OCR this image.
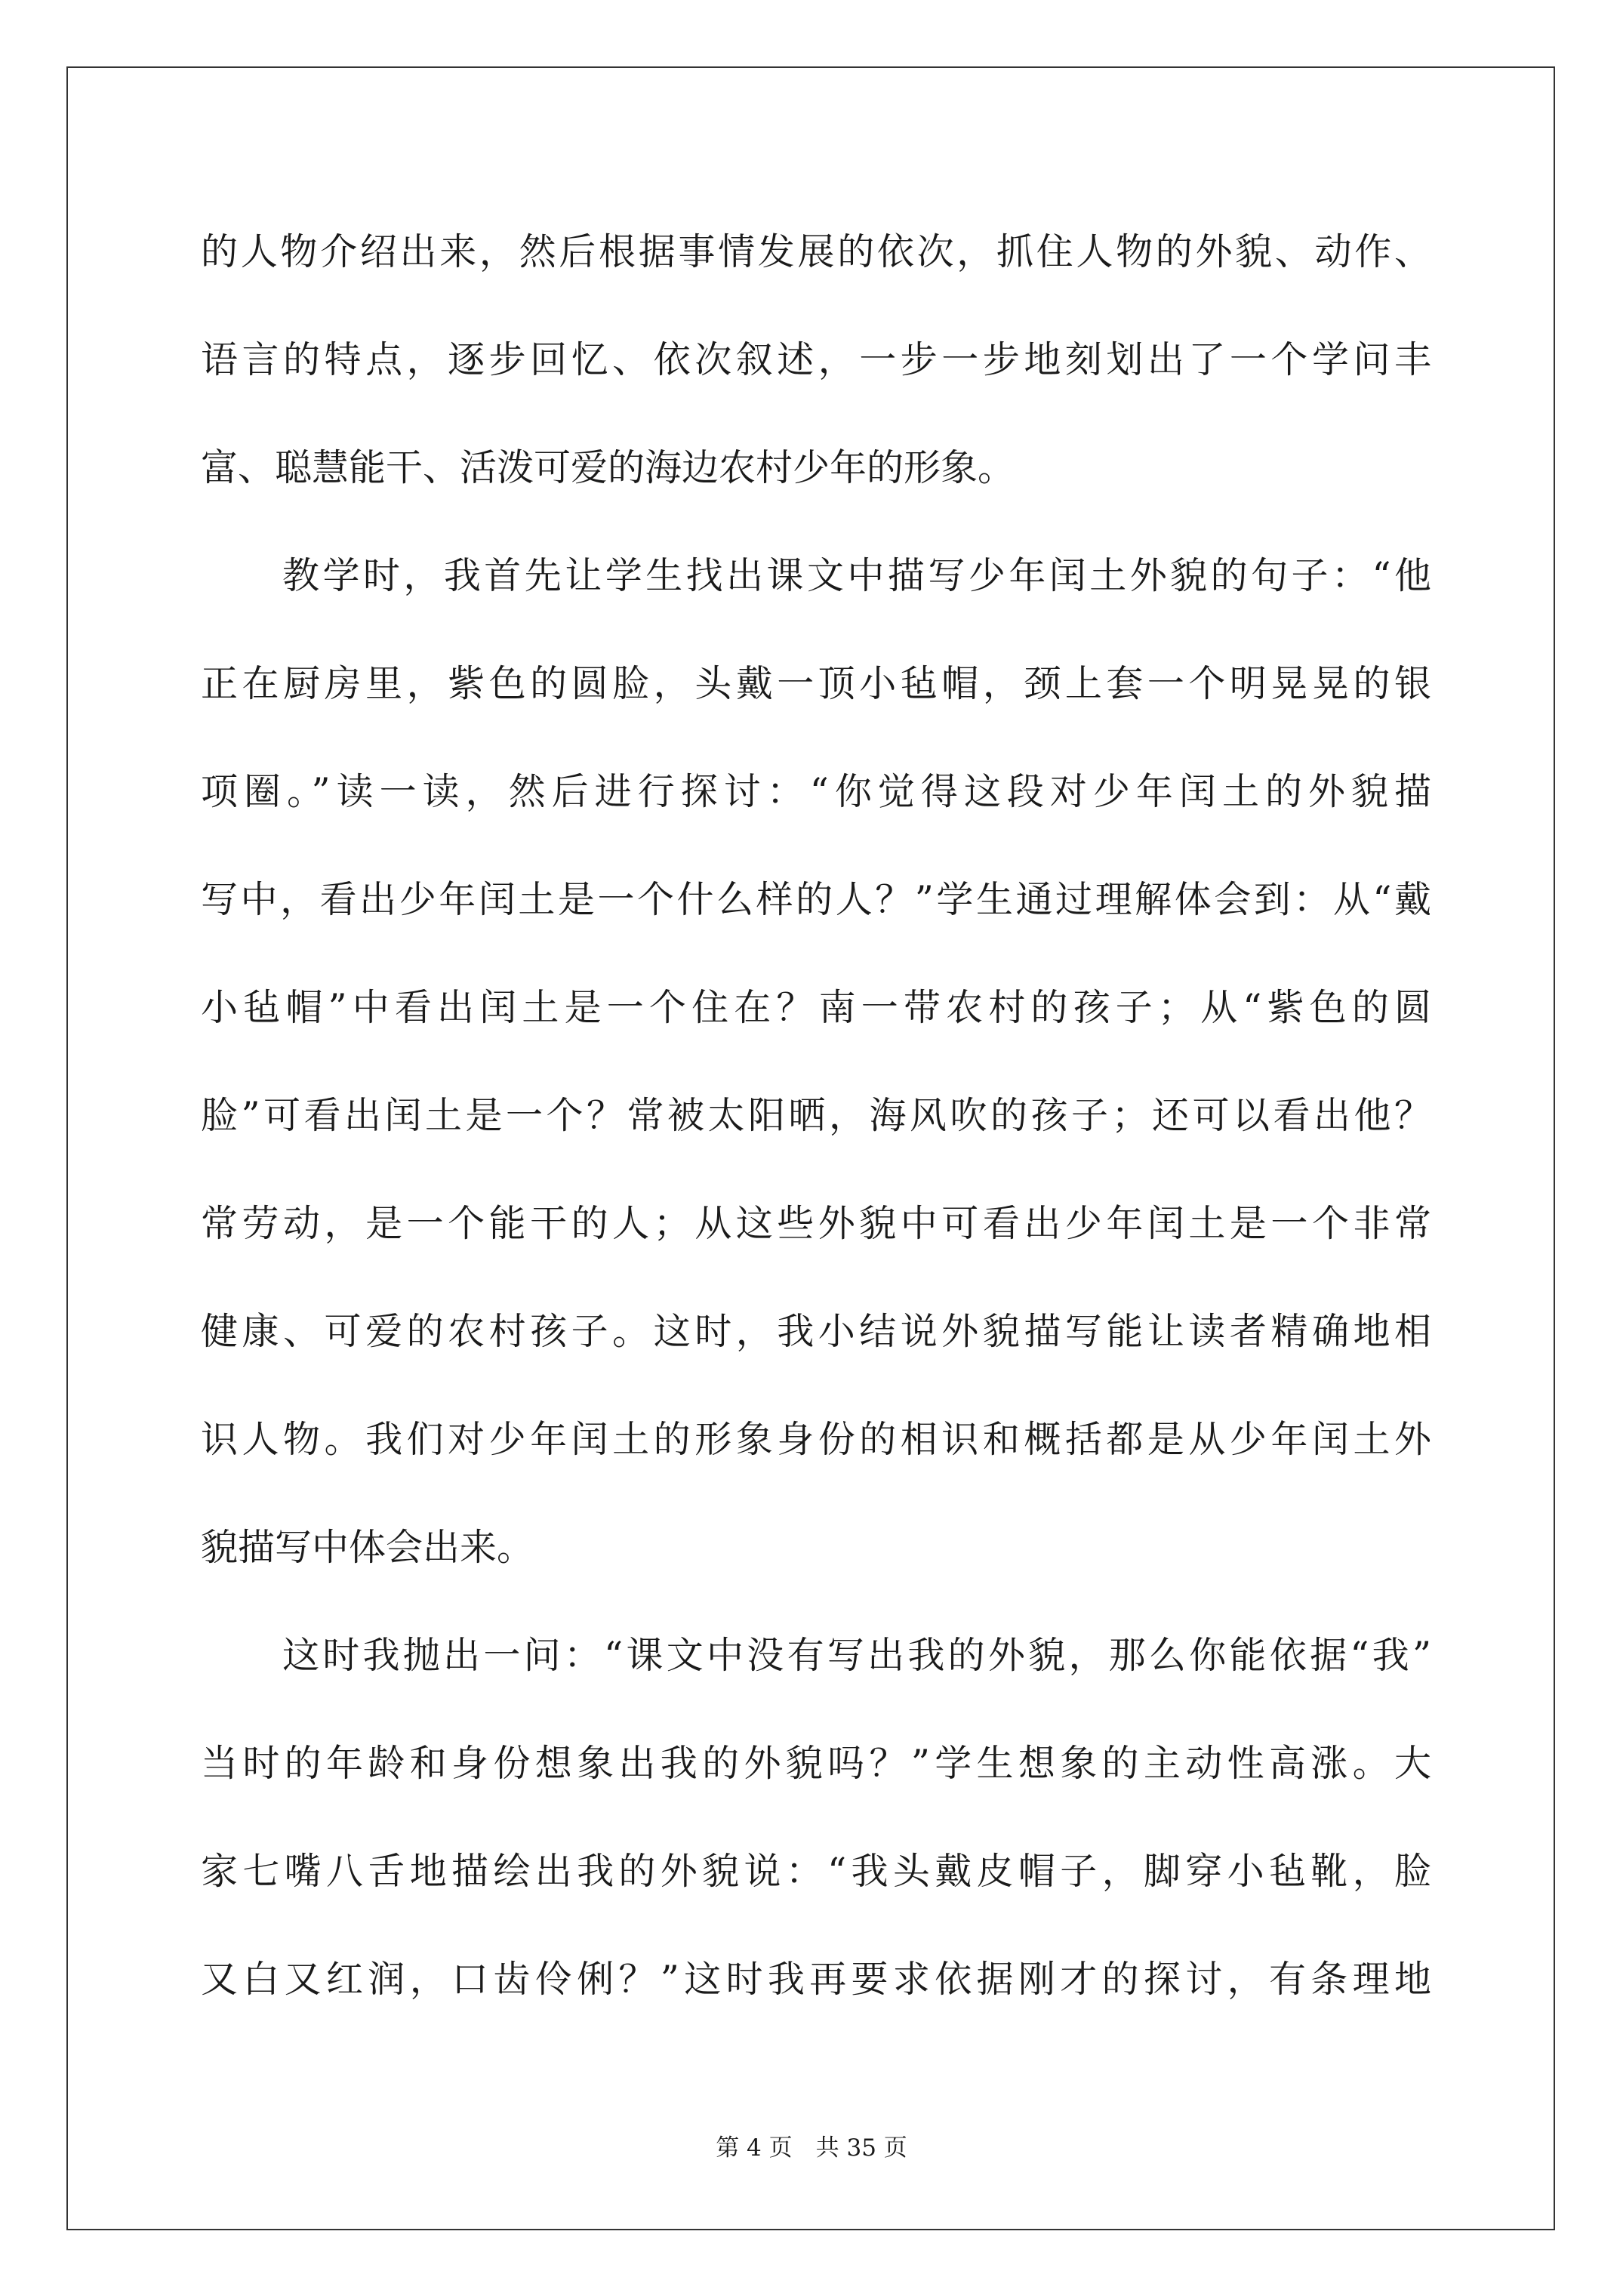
的人物介绍出来，然后根据事情发展的依次，抓住人物的外貌、动作、
语言的特点，逐步回忆、依次叙述，一步一步地刻划出了一个学问丰
富、聪慧能干、活泼可爱的海边农村少年的形象。
教学时，我首先让学生找出课文中描写少年闰土外貌的句子：“他
正在厨房里，紫色的圆脸，头戴一顶小毡帽，颈上套一个明晃晃的银
项圈。”读一读，然后进行探讨：“你觉得这段对少年闰土的外貌描
写中，看出少年闰土是一个什么样的人？”学生通过理解体会到：从“戴
小毡帽”中看出闰土是一个住在？南一带农村的孩子；从“紫色的圆
脸”可看出闰土是一个？常被太阳晒，海风吹的孩子；还可以看出他？
常劳动，是一个能干的人；从这些外貌中可看出少年闰土是一个非常
健康、可爱的农村孩子。这时，我小结说外貌描写能让读者精确地相
识人物。我们对少年闰土的形象身份的相识和概括都是从少年闰土外
貌描写中体会出来。
这时我抛出一问：“课文中没有写出我的外貌，那么你能依据“我”
当时的年龄和身份想象出我的外貌吗？”学生想象的主动性高涨。大
家七嘴八舌地描绘出我的外貌说：“我头戴皮帽子，脚穿小毡靴，脸
又白又红润，口齿伶俐？”这时我再要求依据刚才的探讨，有条理地
第 4 页　共 35 页
